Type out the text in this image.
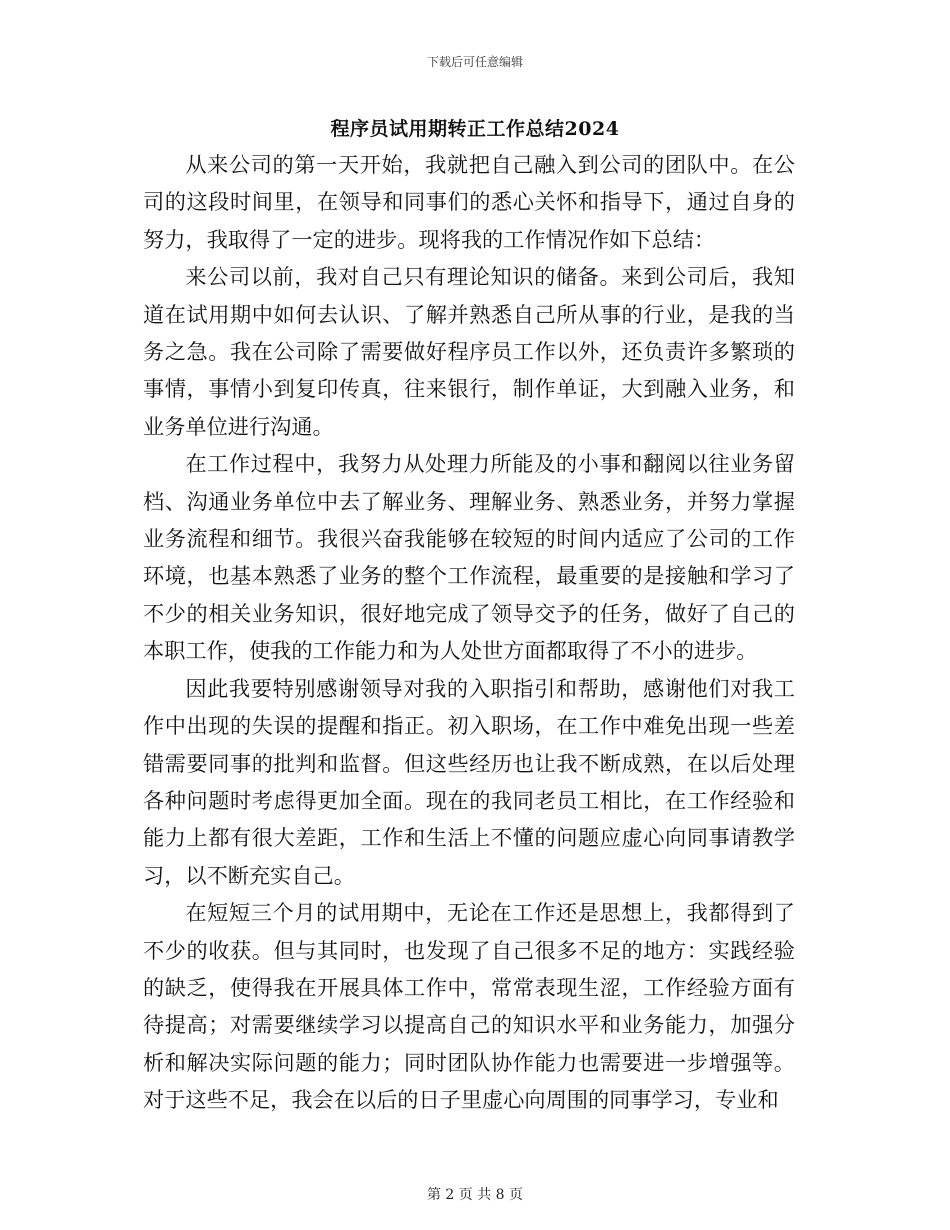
下载后可任意编辑
程序员试用期转正工作总结2024

从来公司的第一天开始，我就把自己融入到公司的团队中。在公司的这段时间里，在领导和同事们的悉心关怀和指导下，通过自身的努力，我取得了一定的进步。现将我的工作情况作如下总结：

来公司以前，我对自己只有理论知识的储备。来到公司后，我知道在试用期中如何去认识、了解并熟悉自己所从事的行业，是我的当务之急。我在公司除了需要做好程序员工作以外，还负责许多繁琐的事情，事情小到复印传真，往来银行，制作单证，大到融入业务，和业务单位进行沟通。

在工作过程中，我努力从处理力所能及的小事和翻阅以往业务留档、沟通业务单位中去了解业务、理解业务、熟悉业务，并努力掌握业务流程和细节。我很兴奋我能够在较短的时间内适应了公司的工作环境，也基本熟悉了业务的整个工作流程，最重要的是接触和学习了不少的相关业务知识，很好地完成了领导交予的任务，做好了自己的本职工作，使我的工作能力和为人处世方面都取得了不小的进步。

因此我要特别感谢领导对我的入职指引和帮助，感谢他们对我工作中出现的失误的提醒和指正。初入职场，在工作中难免出现一些差错需要同事的批判和监督。但这些经历也让我不断成熟，在以后处理各种问题时考虑得更加全面。现在的我同老员工相比，在工作经验和能力上都有很大差距，工作和生活上不懂的问题应虚心向同事请教学习，以不断充实自己。

在短短三个月的试用期中，无论在工作还是思想上，我都得到了不少的收获。但与其同时，也发现了自己很多不足的地方：实践经验的缺乏，使得我在开展具体工作中，常常表现生涩，工作经验方面有待提高；对需要继续学习以提高自己的知识水平和业务能力，加强分析和解决实际问题的能力；同时团队协作能力也需要进一步增强等。对于这些不足，我会在以后的日子里虚心向周围的同事学习，专业和

第 2 页 共 8 页
